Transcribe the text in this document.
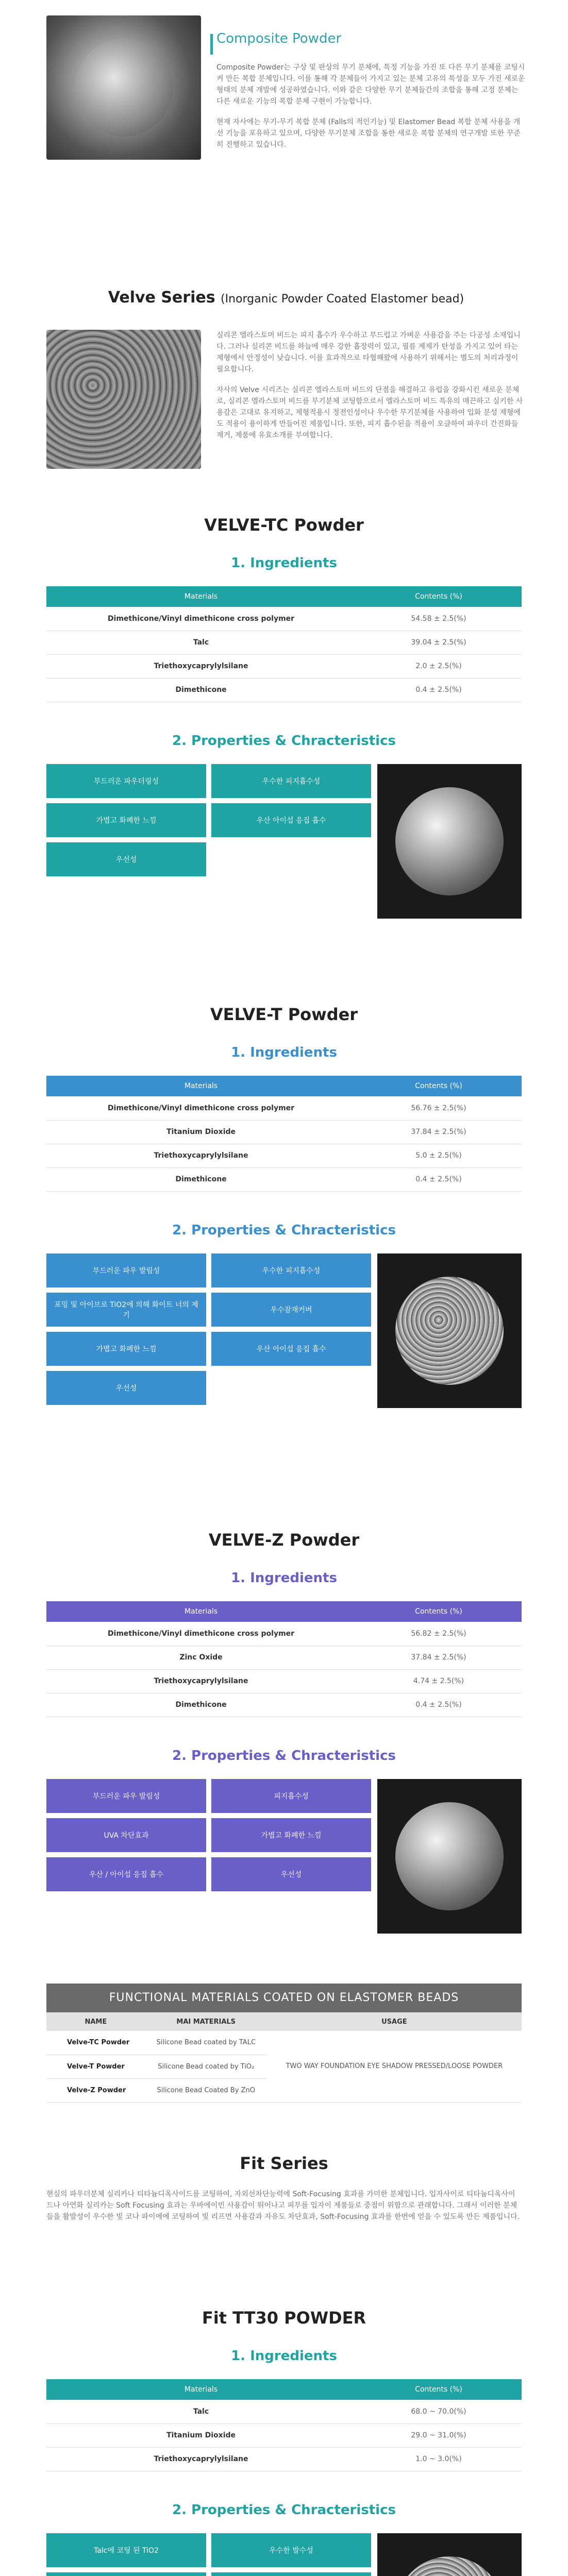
Composite Powder

Composite Powder는 구상 및 판상의 무기 분체에, 특정 기능을 가진 또 다른 무기 분체를 코팅시켜 만든 복합 분체입니다. 이를 통해 각 분체들이 가지고 있는 분체 고유의 특성을 모두 가진 새로운 형태의 분체 개발에 성공하였습니다. 이와 같은 다양한 무기 분체들간의 조합을 통해 고정 분체는 다른 새로운 기능의 복합 분체 구현이 가능합니다.

현재 자사에는 무기-무기 복합 분체 (Falls의 적인기능) 및 Elastomer Bead 복합 분체 사용을 개선 기능을 포유하고 있으며, 다양한 무기분체 조합을 통한 새로운 복합 분체의 연구개발 또한 꾸준히 진행하고 있습니다.

Velve Series (Inorganic Powder Coated Elastomer bead)

실리콘 엘라스토머 비드는 피지 흡수가 우수하고 부드럽고 가벼운 사용감을 주는 다공성 소재입니다. 그러나 실리콘 비드를 하늘에 매우 강한 흡장력이 있고, 필름 제제가 탄성을 가지고 있어 타는 제형에서 안정성이 낮습니다. 이를 효과적으로 타협해왔에 사용하기 위해서는 별도의 처리과정이 필요합니다.

자사의 Velve 시리즈는 실리콘 엘라스토머 비드의 단점을 해결하고 유럽을 강화시킨 새로운 분체로, 실리콘 엘라스토머 비드를 무기분체 코팅함으로서 엘라스토머 비드 특유의 매끈하고 실키한 사용감은 고대로 유지하고, 제형적용시 정전인성이나 우수한 무기분체를 사용하여 입화 분성 제형에도 적용이 용이하게 만들어진 제품입니다. 또한, 피지 흡수된을 적용이 오클하여 파우더 간진화들 제거, 제품에 유효소개를 부여합니다.

VELVE-TC Powder
1. Ingredients
Materials	Contents (%)
Dimethicone/Vinyl dimethicone cross polymer	54.58 ± 2.5(%)
Talc	39.04 ± 2.5(%)
Triethoxycaprylylsilane	2.0 ± 2.5(%)
Dimethicone	0.4 ± 2.5(%)
2. Properties & Chracteristics
부드러운 파우더링성	우수한 피지흡수성
가볍고 화폐한 느낌	우산 아이섭 응집 흡수
우선성
VELVE-T Powder
1. Ingredients
Materials	Contents (%)
Dimethicone/Vinyl dimethicone cross polymer	56.76 ± 2.5(%)
Titanium Dioxide	37.84 ± 2.5(%)
Triethoxycaprylylsilane	5.0 ± 2.5(%)
Dimethicone	0.4 ± 2.5(%)
2. Properties & Chracteristics
부드러운 파우 발림성	우수한 피지흡수성
포밍 및 아이브로 TiO2에 의해 화이트 너의 제기
우수잠재커버
가볍고 화폐한 느낌	우산 아이섭 응집 흡수
우선성
VELVE-Z Powder
1. Ingredients
Materials	Contents (%)
Dimethicone/Vinyl dimethicone cross polymer	56.82 ± 2.5(%)
Zinc Oxide	37.84 ± 2.5(%)
Triethoxycaprylylsilane	4.74 ± 2.5(%)
Dimethicone	0.4 ± 2.5(%)
2. Properties & Chracteristics
부드러운 파우 발림성	피지흡수성
UVA 차단효과	가볍고 화폐한 느낌
우산 / 아이섭 응집 흡수	우선성
FUNCTIONAL MATERIALS COATED ON ELASTOMER BEADS
NAME	MAI MATERIALS	USAGE
Velve-TC Powder	Silicone Bead coated by TALC	TWO WAY FOUNDATION EYE SHADOW PRESSED/LOOSE POWDER
Velve-T Powder	Silicone Bead coated by TiO₂	
Velve-Z Powder	Silicone Bead Coated By ZnO	
Fit Series

현실의 파우더분체 실리카나 티타늄디옥사이드를 코팅하여, 자외선차단능력에 Soft-Focusing 효과를 가미한 분체입니다. 입자사이로 티타늄디옥사이드나 아연화 실리카는 Soft Focusing 효과는 우바에이빈 사용감이 뛰어나고 피부를 입자이 제품들로 중점이 위함으로 관래합니다. 그래서 이러한 분체들을 활발성이 우수한 빛 코나 파이에에 코팅하여 빛 리프면 사용감과 자유도 차단효과, Soft-Focusing 효과를 한번에 얻을 수 있도록 만든 제품입니다.

Fit TT30 POWDER
1. Ingredients
Materials	Contents (%)
Talc	68.0 ~ 70.0(%)
Titanium Dioxide	29.0 ~ 31.0(%)
Triethoxycaprylylsilane	1.0 ~ 3.0(%)
2. Properties & Chracteristics
Talc에 코팅 된 TiO2	우수한 발수성
